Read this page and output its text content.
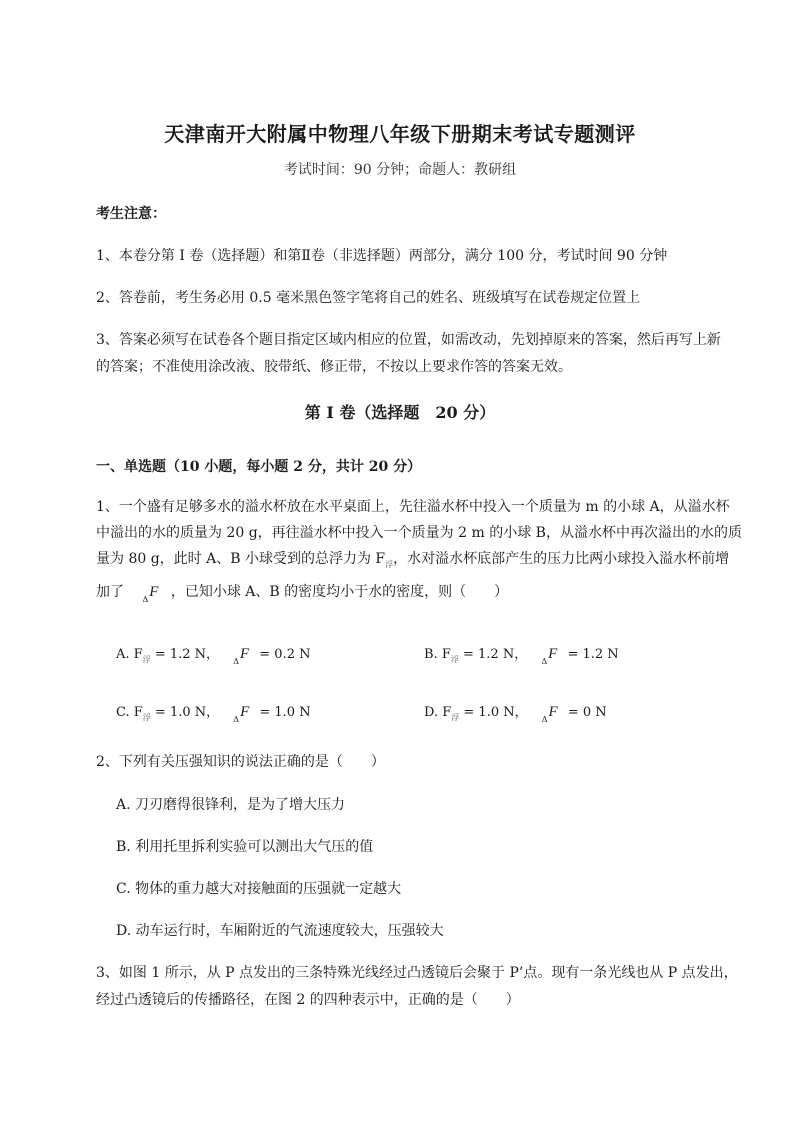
天津南开大附属中物理八年级下册期末考试专题测评
考试时间：90 分钟；命题人：教研组
考生注意：
1、本卷分第 I 卷（选择题）和第Ⅱ卷（非选择题）两部分，满分 100 分，考试时间 90 分钟
2、答卷前，考生务必用 0.5 毫米黑色签字笔将自己的姓名、班级填写在试卷规定位置上
3、答案必须写在试卷各个题目指定区域内相应的位置，如需改动，先划掉原来的答案，然后再写上新
的答案；不准使用涂改液、胶带纸、修正带，不按以上要求作答的答案无效。
第 I 卷（选择题　20 分）
一、单选题（10 小题，每小题 2 分，共计 20 分）
1、一个盛有足够多水的溢水杯放在水平桌面上，先往溢水杯中投入一个质量为 m 的小球 A，从溢水杯
中溢出的水的质量为 20 g，再往溢水杯中投入一个质量为 2 m 的小球 B，从溢水杯中再次溢出的水的质
量为 80 g，此时 A、B 小球受到的总浮力为 $F_浮$，水对溢水杯底部产生的压力比两小球投入溢水杯前增
加了 $_\Delta$F ，已知小球 A、B 的密度均小于水的密度，则（　　）
A. $F_浮 = 1.2$ N， $_\Delta$F = 0.2 N	B. $F_浮 = 1.2$ N， $_\Delta$F = 1.2 N
C. $F_浮 = 1.0$ N， $_\Delta$F = 1.0 N	D. $F_浮 = 1.0$ N， $_\Delta$F = 0 N
2、下列有关压强知识的说法正确的是（　　）
A. 刀刃磨得很锋利，是为了增大压力
B. 利用托里拆利实验可以测出大气压的值
C. 物体的重力越大对接触面的压强就一定越大
D. 动车运行时，车厢附近的气流速度较大，压强较大
3、如图 1 所示，从 P 点发出的三条特殊光线经过凸透镜后会聚于 P’点。现有一条光线也从 P 点发出，
经过凸透镜后的传播路径，在图 2 的四种表示中，正确的是（　　）
